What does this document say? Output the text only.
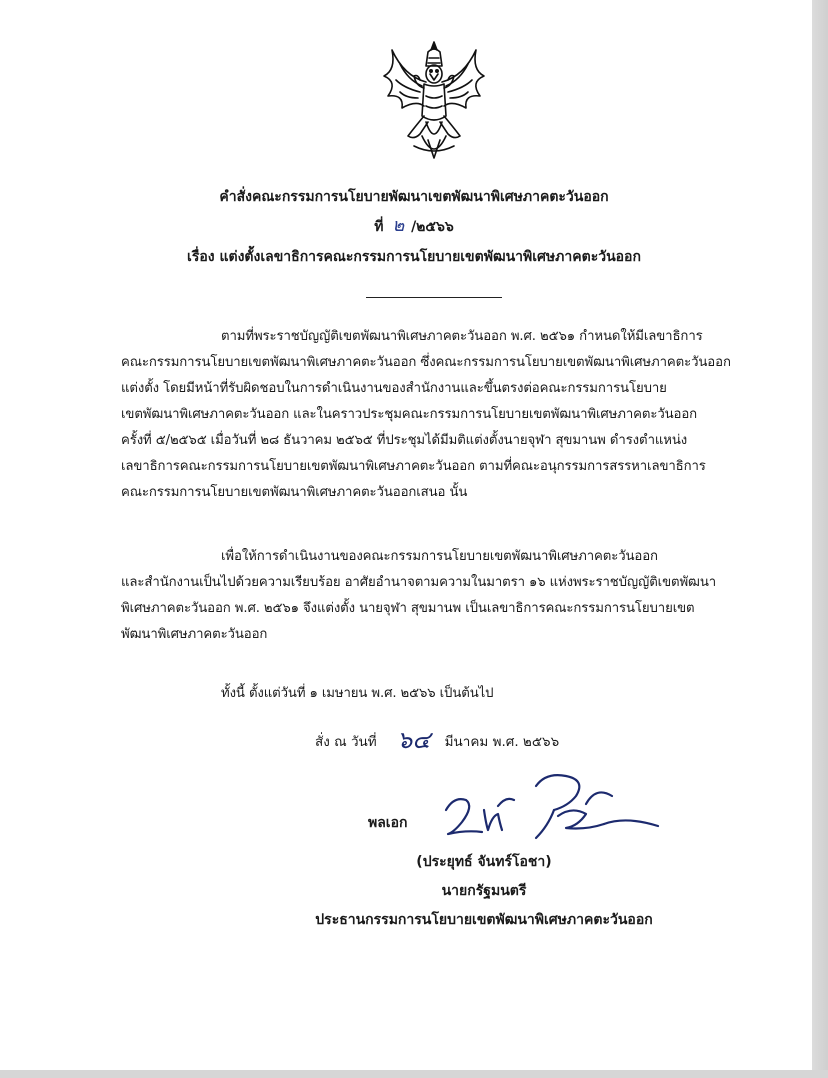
คำสั่งคณะกรรมการนโยบายพัฒนาเขตพัฒนาพิเศษภาคตะวันออก
ที่ ๒ /๒๕๖๖
เรื่อง แต่งตั้งเลขาธิการคณะกรรมการนโยบายเขตพัฒนาพิเศษภาคตะวันออก
ตามที่พระราชบัญญัติเขตพัฒนาพิเศษภาคตะวันออก พ.ศ. ๒๕๖๑ กำหนดให้มีเลขาธิการ
คณะกรรมการนโยบายเขตพัฒนาพิเศษภาคตะวันออก ซึ่งคณะกรรมการนโยบายเขตพัฒนาพิเศษภาคตะวันออก
แต่งตั้ง โดยมีหน้าที่รับผิดชอบในการดำเนินงานของสำนักงานและขึ้นตรงต่อคณะกรรมการนโยบาย
เขตพัฒนาพิเศษภาคตะวันออก และในคราวประชุมคณะกรรมการนโยบายเขตพัฒนาพิเศษภาคตะวันออก
ครั้งที่ ๕/๒๕๖๕ เมื่อวันที่ ๒๘ ธันวาคม ๒๕๖๕ ที่ประชุมได้มีมติแต่งตั้งนายจุฬา สุขมานพ ดำรงตำแหน่ง
เลขาธิการคณะกรรมการนโยบายเขตพัฒนาพิเศษภาคตะวันออก ตามที่คณะอนุกรรมการสรรหาเลขาธิการ
คณะกรรมการนโยบายเขตพัฒนาพิเศษภาคตะวันออกเสนอ นั้น
เพื่อให้การดำเนินงานของคณะกรรมการนโยบายเขตพัฒนาพิเศษภาคตะวันออก
และสำนักงานเป็นไปด้วยความเรียบร้อย อาศัยอำนาจตามความในมาตรา ๑๖ แห่งพระราชบัญญัติเขตพัฒนา
พิเศษภาคตะวันออก พ.ศ. ๒๕๖๑ จึงแต่งตั้ง นายจุฬา สุขมานพ เป็นเลขาธิการคณะกรรมการนโยบายเขต
พัฒนาพิเศษภาคตะวันออก
ทั้งนี้ ตั้งแต่วันที่ ๑ เมษายน พ.ศ. ๒๕๖๖ เป็นต้นไป
สั่ง ณ วันที่ ๖๔ มีนาคม พ.ศ. ๒๕๖๖
พลเอก
(ประยุทธ์ จันทร์โอชา)
นายกรัฐมนตรี
ประธานกรรมการนโยบายเขตพัฒนาพิเศษภาคตะวันออก
